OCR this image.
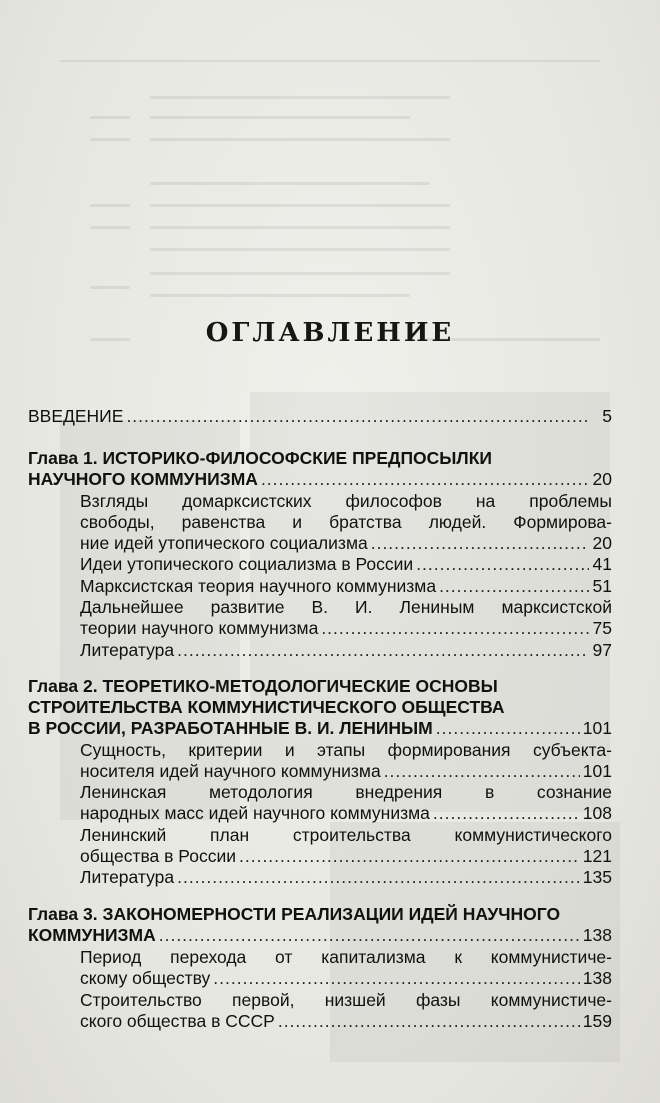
ОГЛАВЛЕНИЕ
ВВЕДЕНИЕ .....	5
Глава 1. ИСТОРИКО-ФИЛОСОФСКИЕ ПРЕДПОСЫЛКИ
НАУЧНОГО КОММУНИЗМА .....	20
Взгляды домарксистских философов на проблемы
свободы, равенства и братства людей. Формирова-
ние идей утопического социализма .....	20
Идеи утопического социализма в России .....	41
Марксистская теория научного коммунизма .....	51
Дальнейшее развитие В. И. Лениным марксистской
теории научного коммунизма .....	75
Литература .....	97
Глава 2. ТЕОРЕТИКО-МЕТОДОЛОГИЧЕСКИЕ ОСНОВЫ
СТРОИТЕЛЬСТВА КОММУНИСТИЧЕСКОГО ОБЩЕСТВА
В РОССИИ, РАЗРАБОТАННЫЕ В. И. ЛЕНИНЫМ .....	101
Сущность, критерии и этапы формирования субъекта-
носителя идей научного коммунизма .....	101
Ленинская методология внедрения в сознание
народных масс идей научного коммунизма .....	108
Ленинский план строительства коммунистического
общества в России .....	121
Литература .....	135
Глава 3. ЗАКОНОМЕРНОСТИ РЕАЛИЗАЦИИ ИДЕЙ НАУЧНОГО
КОММУНИЗМА .....	138
Период перехода от капитализма к коммунистиче-
скому обществу .....	138
Строительство первой, низшей фазы коммунистиче-
ского общества в СССР .....	159
